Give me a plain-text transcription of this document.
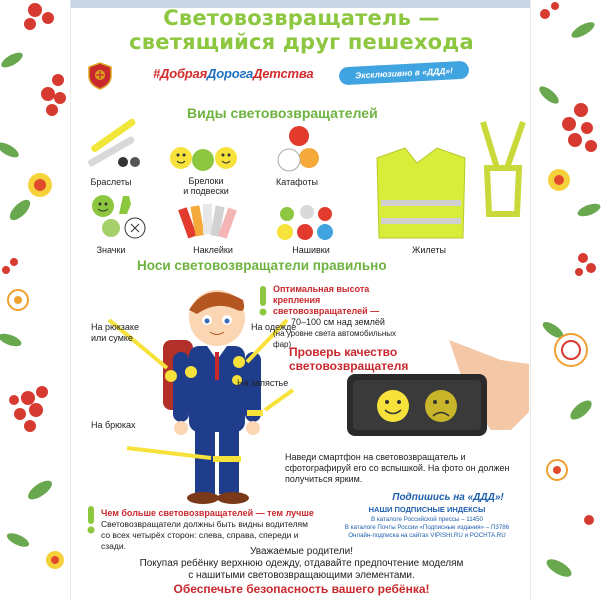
Световозвращатель —
светящийся друг пешехода
#ДобраяДорогаДетства	Эксклюзивно в «ДДД»!
Виды световозвращателей
Браслеты	Брелоки
и подвески
Катафоты
Значки	Наклейки	Нашивки	Жилеты
Носи световозвращатели правильно
На рюкзаке
или сумке
На одежде
На запястье
На брюках
Оптимальная высота крепления световозвращателей —
70–100 см над землёй
(на уровне света автомобильных фар)
Проверь качество световозвращателя
Наведи смартфон на световозвращатель и сфотографируй его со вспышкой. На фото он должен получиться ярким.
Чем больше световозвращателей — тем лучше
Световозвращатели должны быть видны водителям со всех четырёх сторон: слева, справа, спереди и сзади.
Подпишись на «ДДД»!
НАШИ ПОДПИСНЫЕ ИНДЕКСЫ
В каталоге Российской прессы – 11450
В каталоге Почты России «Подписные издания» – П3786
Онлайн-подписка на сайтах VIPISHI.RU и POCHTA.RU
Уважаемые родители!
Покупая ребёнку верхнюю одежду, отдавайте предпочтение моделям
с нашитыми световозвращающими элементами.
Обеспечьте безопасность вашего ребёнка!
